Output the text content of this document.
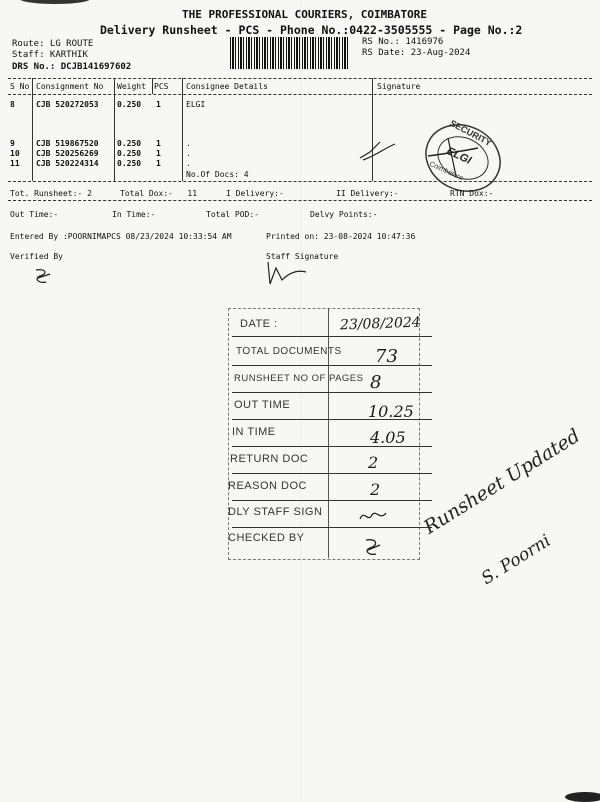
THE PROFESSIONAL COURIERS, COIMBATORE
Delivery Runsheet - PCS - Phone No.:0422-3505555 - Page No.:2
Route: LG ROUTE
Staff: KARTHIK
DRS No.: DCJB141697602
RS No.: 1416976
RS Date: 23-Aug-2024
S No Consignment No Weight PCS Consignee Details	Signature
8	CJB 520272053 0.250 1	ELGI
9	CJB 519867520 0.250 1	.
10 CJB 520256269 0.250 1	.
11 CJB 520224314 0.250 1	.
No.Of Docs: 4
SECURITY
ELGI
Coimbatore
Tot. Runsheet:- 2	Total Dox:-   11	I Delivery:-	II Delivery:-	RTN Dox:-
Out Time:-	In Time:-	Total POD:-	Delvy Points:-
Entered By :POORNIMAPCS 08/23/2024 10:33:54 AM	Printed on: 23-08-2024 10:47:36
Verified By	Staff Signature
DATE :	23/08/2024
TOTAL DOCUMENTS 73
RUNSHEET NO OF PAGES 8
OUT TIME	10.25
IN TIME	4.05
RETURN DOC	2
REASON DOC	2
DLY STAFF SIGN
CHECKED BY	Runsheet Updated
S. Poorni
